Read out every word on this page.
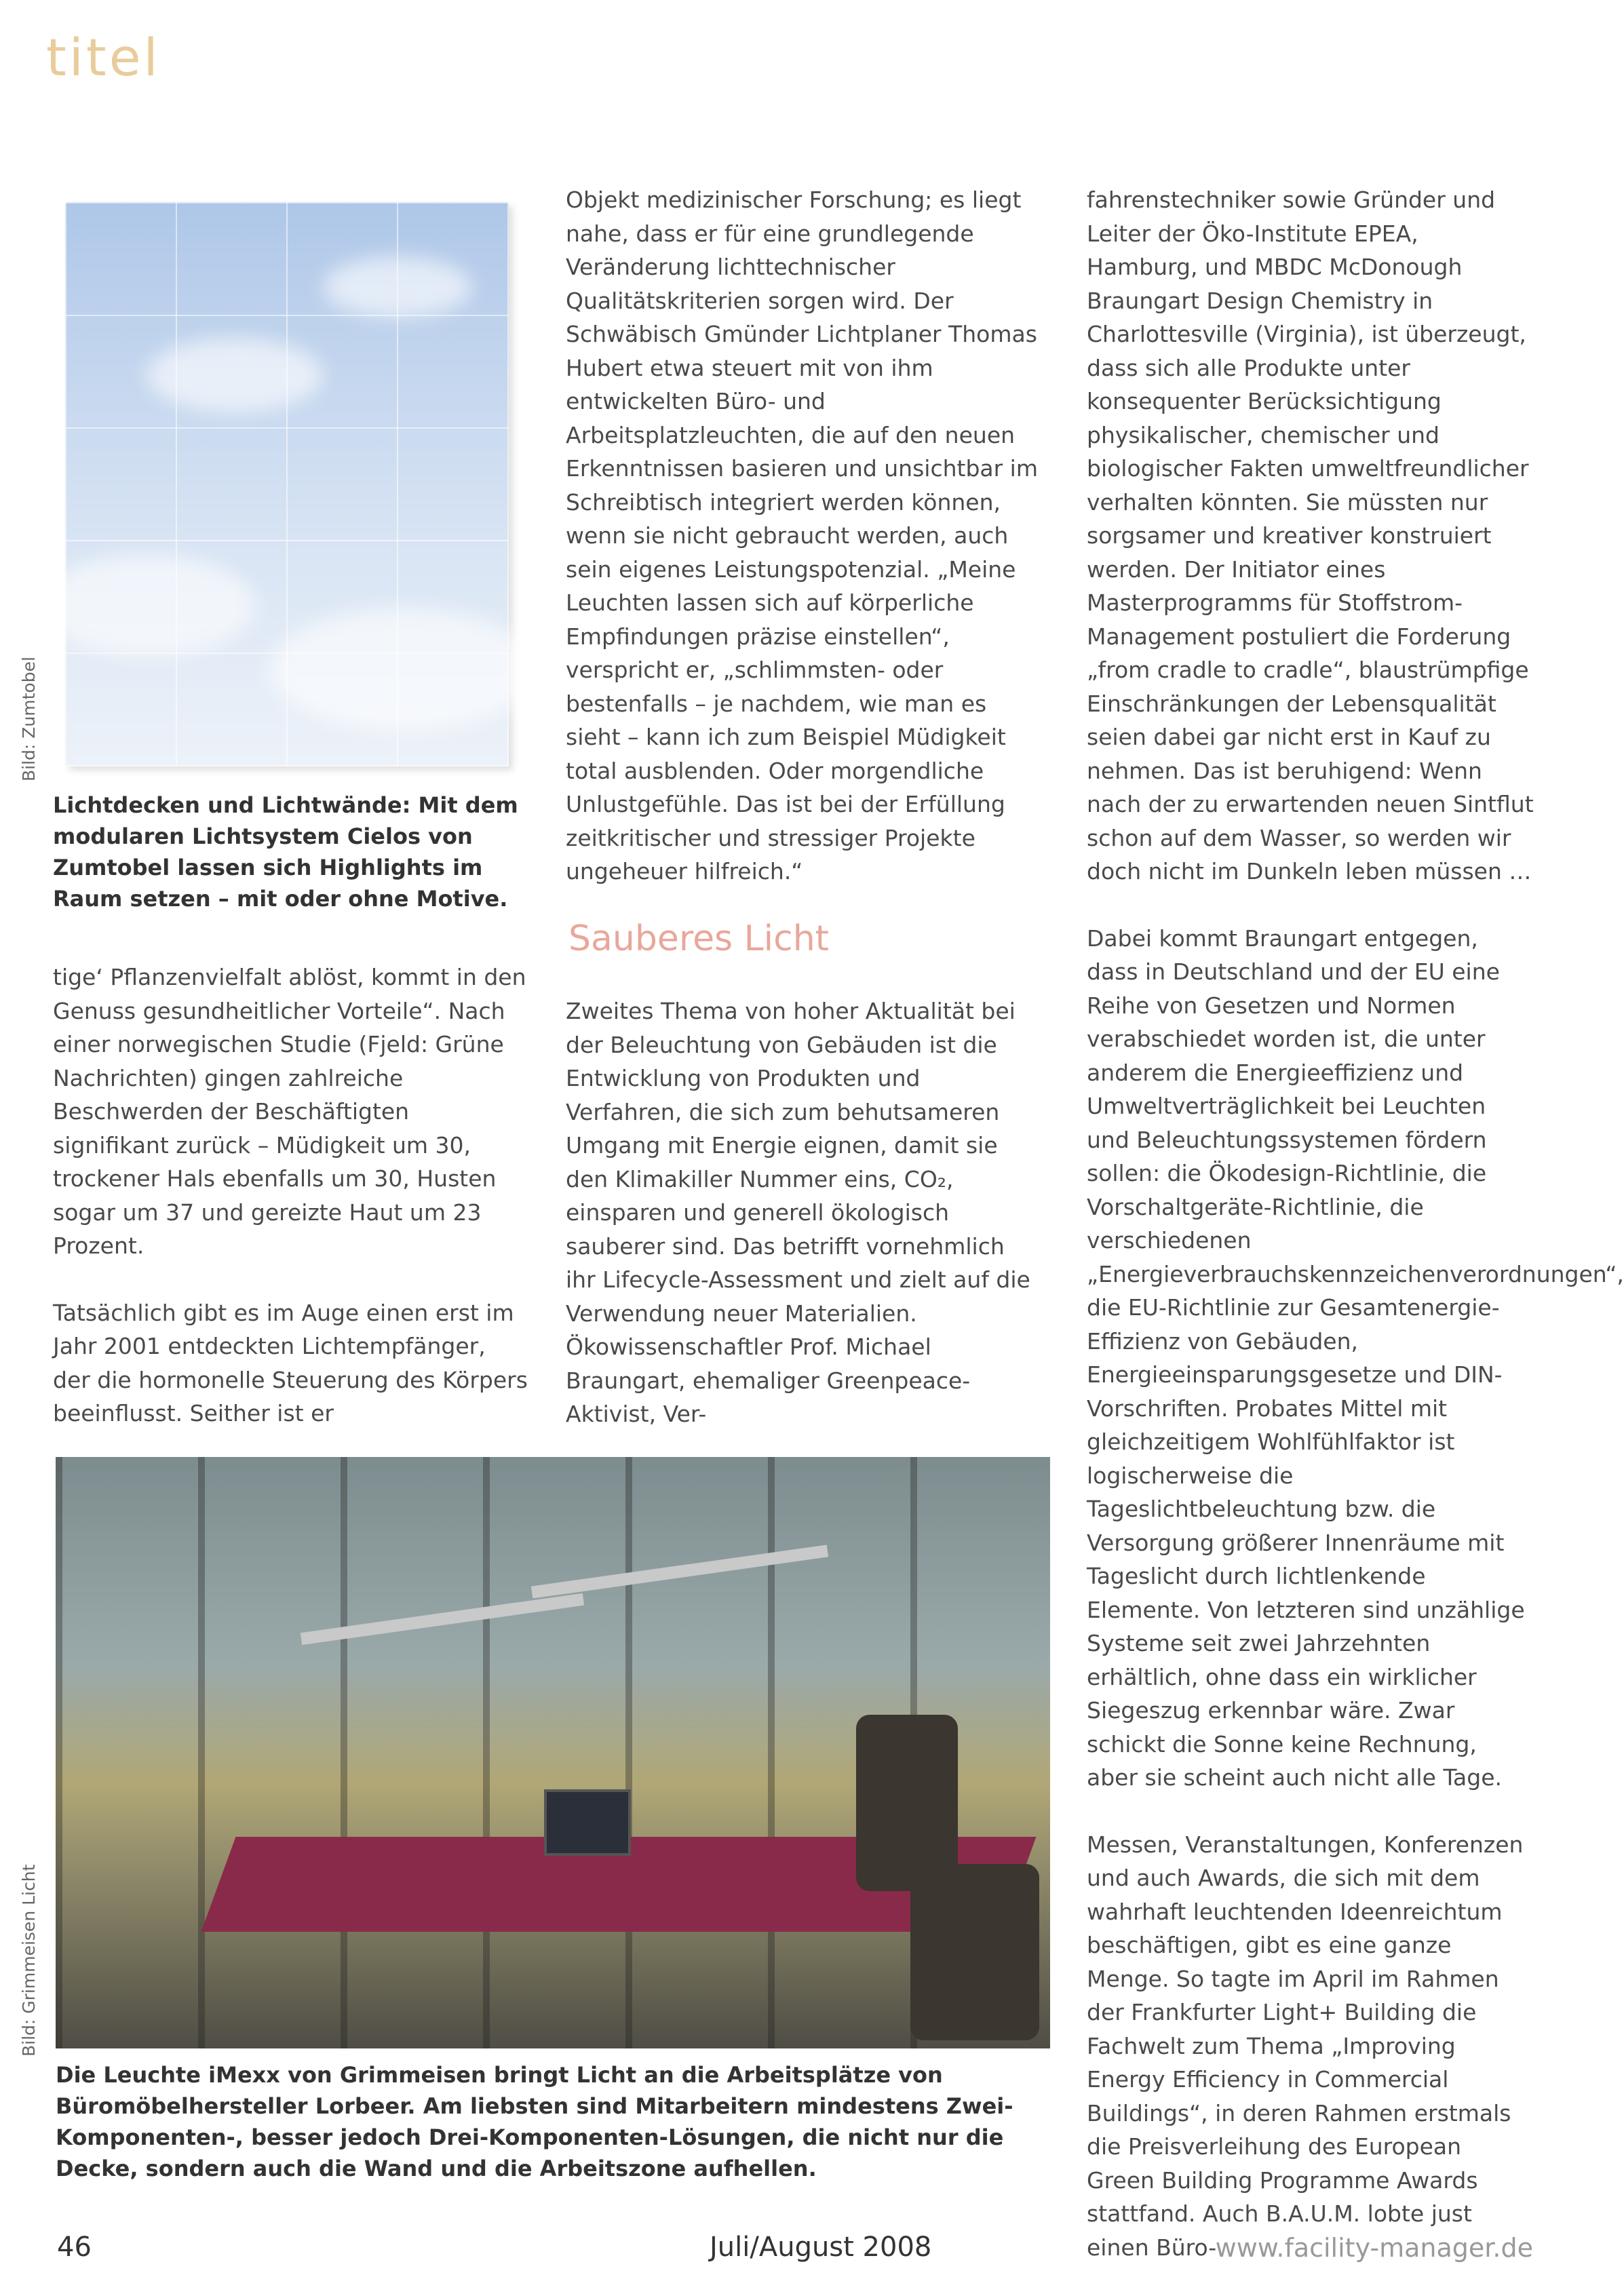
titel
Bild: Zumtobel
Lichtdecken und Lichtwände: Mit dem modularen Lichtsystem Cielos von Zumtobel lassen sich Highlights im Raum setzen – mit oder ohne Motive.

tige‘ Pflanzenvielfalt ablöst, kommt in den Genuss gesundheitlicher Vorteile“. Nach einer norwegischen Studie (Fjeld: Grüne Nachrichten) gingen zahlreiche Beschwerden der Beschäftigten signifikant zurück – Müdigkeit um 30, trockener Hals ebenfalls um 30, Husten sogar um 37 und gereizte Haut um 23 Prozent.

Tatsächlich gibt es im Auge einen erst im Jahr 2001 entdeckten Lichtempfänger, der die hormonelle Steuerung des Körpers beeinflusst. Seither ist er

Objekt medizinischer Forschung; es liegt nahe, dass er für eine grundlegende Veränderung lichttechnischer Qualitätskriterien sorgen wird. Der Schwäbisch Gmünder Lichtplaner Thomas Hubert etwa steuert mit von ihm entwickelten Büro- und Arbeitsplatzleuchten, die auf den neuen Erkenntnissen basieren und unsichtbar im Schreibtisch integriert werden können, wenn sie nicht gebraucht werden, auch sein eigenes Leistungspotenzial. „Meine Leuchten lassen sich auf körperliche Empfindungen präzise einstellen“, verspricht er, „schlimmsten- oder bestenfalls – je nachdem, wie man es sieht – kann ich zum Beispiel Müdigkeit total ausblenden. Oder morgendliche Unlustgefühle. Das ist bei der Erfüllung zeitkritischer und stressiger Projekte ungeheuer hilfreich.“

Sauberes Licht

Zweites Thema von hoher Aktualität bei der Beleuchtung von Gebäuden ist die Entwicklung von Produkten und Verfahren, die sich zum behutsameren Umgang mit Energie eignen, damit sie den Klimakiller Nummer eins, CO₂, einsparen und generell ökologisch sauberer sind. Das betrifft vornehmlich ihr Lifecycle-Assessment und zielt auf die Verwendung neuer Materialien. Ökowissenschaftler Prof. Michael Braungart, ehemaliger Greenpeace-Aktivist, Ver-

fahrenstechniker sowie Gründer und Leiter der Öko-Institute EPEA, Hamburg, und MBDC McDonough Braungart Design Chemistry in Charlottesville (Virginia), ist überzeugt, dass sich alle Produkte unter konsequenter Berücksichtigung physikalischer, chemischer und biologischer Fakten umweltfreundlicher verhalten könnten. Sie müssten nur sorgsamer und kreativer konstruiert werden. Der Initiator eines Masterprogramms für Stoffstrom-Management postuliert die Forderung „from cradle to cradle“, blaustrümpfige Einschränkungen der Lebensqualität seien dabei gar nicht erst in Kauf zu nehmen. Das ist beruhigend: Wenn nach der zu erwartenden neuen Sintflut schon auf dem Wasser, so werden wir doch nicht im Dunkeln leben müssen …

Dabei kommt Braungart entgegen, dass in Deutschland und der EU eine Reihe von Gesetzen und Normen verabschiedet worden ist, die unter anderem die Energieeffizienz und Umweltverträglichkeit bei Leuchten und Beleuchtungssystemen fördern sollen: die Ökodesign-Richtlinie, die Vorschaltgeräte-Richtlinie, die verschiedenen „Energieverbrauchskennzeichenverordnungen“, die EU-Richtlinie zur Gesamtenergie-Effizienz von Gebäuden, Energieeinsparungsgesetze und DIN-Vorschriften. Probates Mittel mit gleichzeitigem Wohlfühlfaktor ist logischerweise die Tageslichtbeleuchtung bzw. die Versorgung größerer Innenräume mit Tageslicht durch lichtlenkende Elemente. Von letzteren sind unzählige Systeme seit zwei Jahrzehnten erhältlich, ohne dass ein wirklicher Siegeszug erkennbar wäre. Zwar schickt die Sonne keine Rechnung, aber sie scheint auch nicht alle Tage.

Messen, Veranstaltungen, Konferenzen und auch Awards, die sich mit dem wahrhaft leuchtenden Ideenreichtum beschäftigen, gibt es eine ganze Menge. So tagte im April im Rahmen der Frankfurter Light+ Building die Fachwelt zum Thema „Improving Energy Efficiency in Commercial Buildings“, in deren Rahmen erstmals die Preisverleihung des European Green Building Programme Awards stattfand. Auch B.A.U.M. lobte just einen Büro-

Bild: Grimmeisen Licht
Die Leuchte iMexx von Grimmeisen bringt Licht an die Arbeitsplätze von Büromöbelhersteller Lorbeer. Am liebsten sind Mitarbeitern mindestens Zwei-Komponenten-, besser jedoch Drei-Komponenten-Lösungen, die nicht nur die Decke, sondern auch die Wand und die Arbeitszone aufhellen.
46	Juli/August 2008	www.facility-manager.de
